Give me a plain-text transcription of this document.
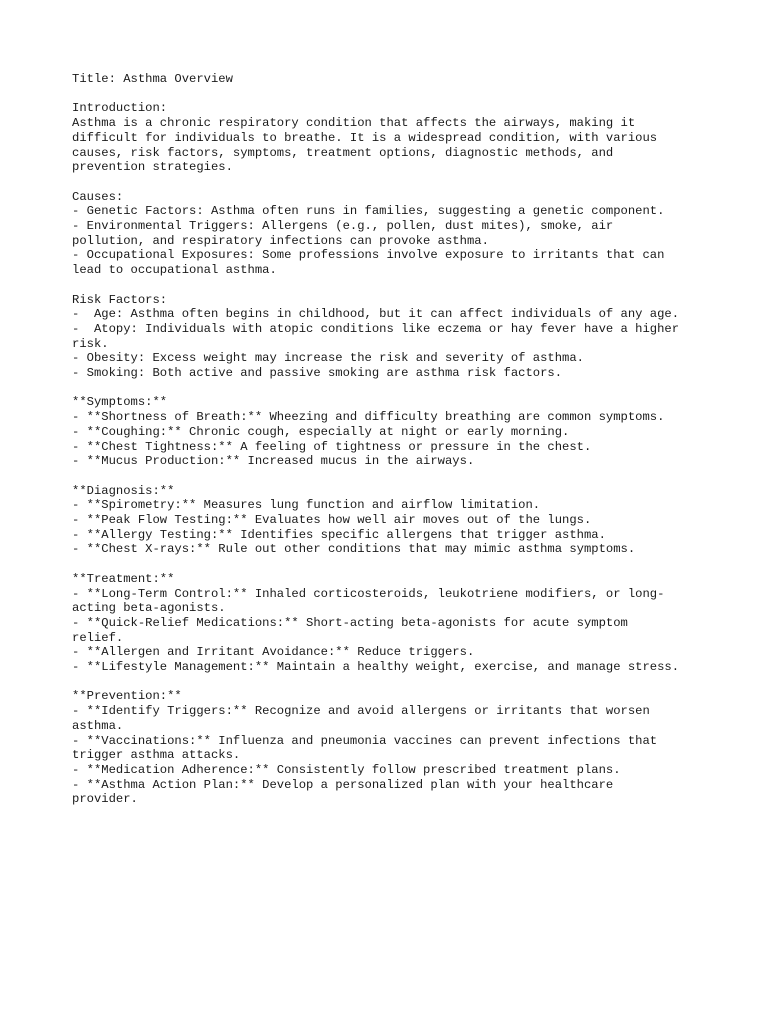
Title: Asthma Overview
Introduction:
Asthma is a chronic respiratory condition that affects the airways, making it
difficult for individuals to breathe. It is a widespread condition, with various
causes, risk factors, symptoms, treatment options, diagnostic methods, and
prevention strategies.
Causes:
- Genetic Factors: Asthma often runs in families, suggesting a genetic component.
- Environmental Triggers: Allergens (e.g., pollen, dust mites), smoke, air
pollution, and respiratory infections can provoke asthma.
- Occupational Exposures: Some professions involve exposure to irritants that can
lead to occupational asthma.
Risk Factors:
-  Age: Asthma often begins in childhood, but it can affect individuals of any age.
-  Atopy: Individuals with atopic conditions like eczema or hay fever have a higher
risk.
- Obesity: Excess weight may increase the risk and severity of asthma.
- Smoking: Both active and passive smoking are asthma risk factors.
**Symptoms:**
- **Shortness of Breath:** Wheezing and difficulty breathing are common symptoms.
- **Coughing:** Chronic cough, especially at night or early morning.
- **Chest Tightness:** A feeling of tightness or pressure in the chest.
- **Mucus Production:** Increased mucus in the airways.
**Diagnosis:**
- **Spirometry:** Measures lung function and airflow limitation.
- **Peak Flow Testing:** Evaluates how well air moves out of the lungs.
- **Allergy Testing:** Identifies specific allergens that trigger asthma.
- **Chest X-rays:** Rule out other conditions that may mimic asthma symptoms.
**Treatment:**
- **Long-Term Control:** Inhaled corticosteroids, leukotriene modifiers, or long-
acting beta-agonists.
- **Quick-Relief Medications:** Short-acting beta-agonists for acute symptom
relief.
- **Allergen and Irritant Avoidance:** Reduce triggers.
- **Lifestyle Management:** Maintain a healthy weight, exercise, and manage stress.
**Prevention:**
- **Identify Triggers:** Recognize and avoid allergens or irritants that worsen
asthma.
- **Vaccinations:** Influenza and pneumonia vaccines can prevent infections that
trigger asthma attacks.
- **Medication Adherence:** Consistently follow prescribed treatment plans.
- **Asthma Action Plan:** Develop a personalized plan with your healthcare
provider.
